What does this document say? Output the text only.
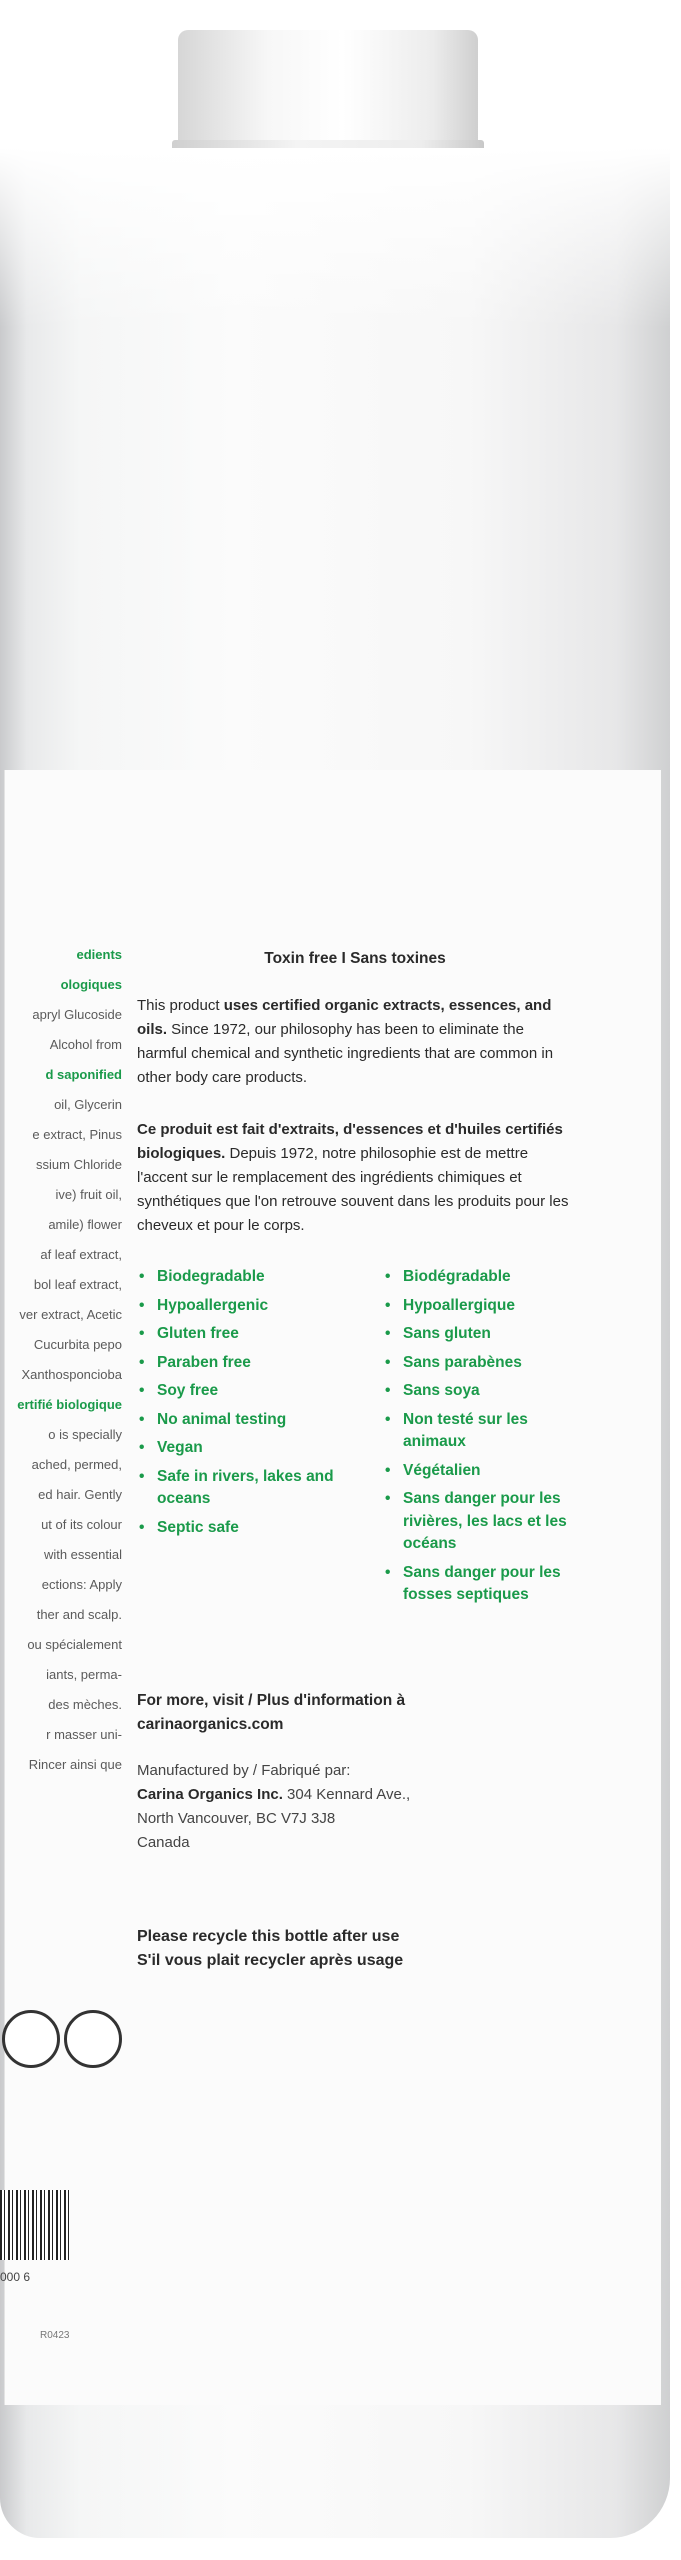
edients
ologiques
apryl Glucoside
Alcohol from
d saponified
oil, Glycerin
e extract, Pinus
ssium Chloride
ive) fruit oil,
amile) flower
af leaf extract,
bol leaf extract,
ver extract, Acetic
Cucurbita pepo
Xanthosponcioba
ertifié biologique
o is specially
ached, permed,
ed hair. Gently
ut of its colour
with essential
ections: Apply
ther and scalp.
ou spécialement
iants, perma-
des mèches.
r masser uni-
Rincer ainsi que
000 6
R0423
Toxin free I Sans toxines

This product uses certified organic extracts, essences, and oils. Since 1972, our philosophy has been to eliminate the harmful chemical and synthetic ingredients that are common in other body care products.

Ce produit est fait d'extraits, d'essences et d'huiles certifiés biologiques. Depuis 1972, notre philosophie est de mettre l'accent sur le remplacement des ingrédients chimiques et synthétiques que l'on retrouve souvent dans les produits pour les cheveux et pour le corps.

• Biodegradable
• Hypoallergenic
• Gluten free
• Paraben free
• Soy free
• No animal testing
• Vegan
• Safe in rivers, lakes and oceans
• Septic safe
• Biodégradable
• Hypoallergique
• Sans gluten
• Sans parabènes
• Sans soya
• Non testé sur les animaux
• Végétalien
• Sans danger pour les rivières, les lacs et les océans
• Sans danger pour les fosses septiques
For more, visit / Plus d'information à
carinaorganics.com
Manufactured by / Fabriqué par:
Carina Organics Inc. 304 Kennard Ave.,
North Vancouver, BC V7J 3J8
Canada
Please recycle this bottle after use
S'il vous plait recycler après usage
